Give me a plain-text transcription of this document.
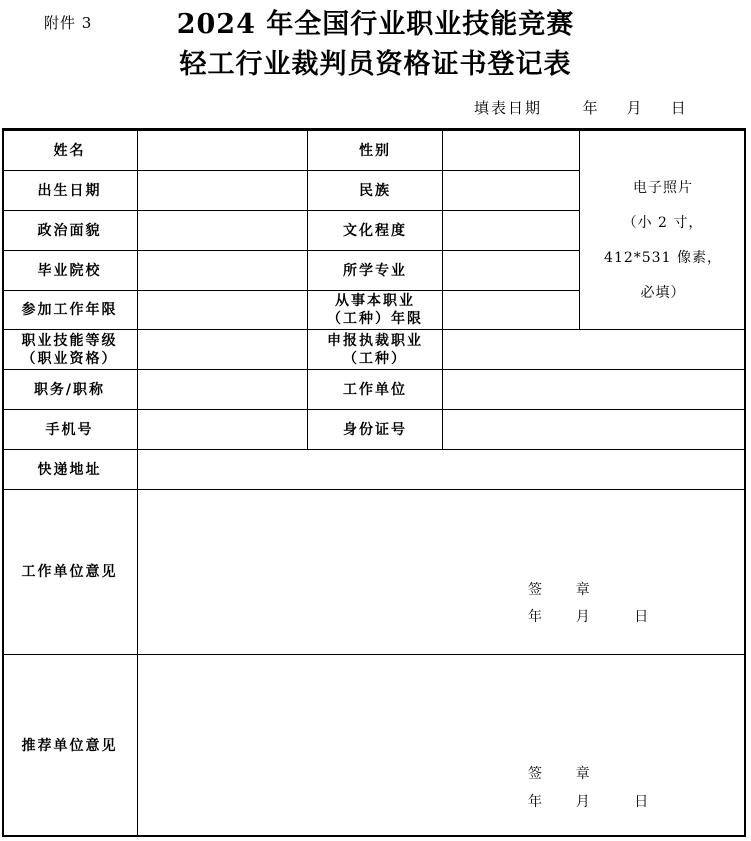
附件 3	2024 年全国行业职业技能竞赛
轻工行业裁判员资格证书登记表
填表日期      年    月    日
姓名
出生日期
政治面貌
毕业院校
参加工作年限
职业技能等级
（职业资格）
职务/职称
手机号
快递地址
工作单位意见
推荐单位意见
性别
民族
文化程度
所学专业
从事本职业
（工种）年限
申报执裁职业
（工种）
工作单位
身份证号
电子照片
（小 2 寸，
412*531 像素，
必填）
签      章
年      月        日
签      章
年      月        日
